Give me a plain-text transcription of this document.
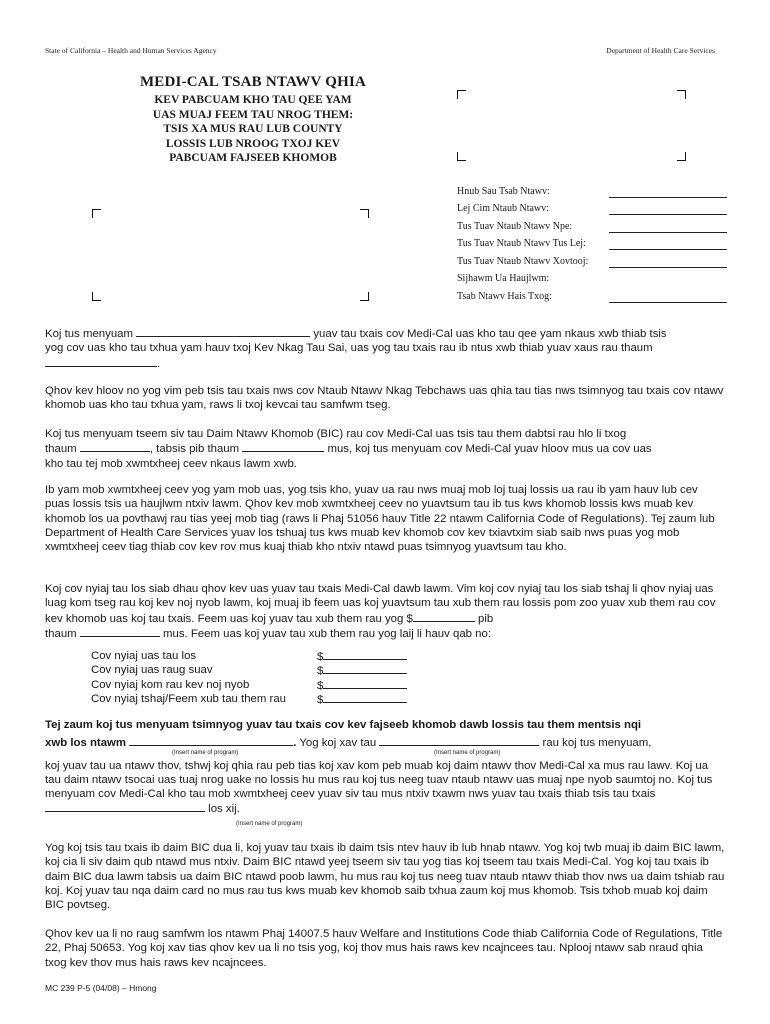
State of California – Health and Human Services Agency	Department of Health Care Services
MEDI-CAL TSAB NTAWV QHIA
KEV PABCUAM KHO TAU QEE YAM
UAS MUAJ FEEM TAU NROG THEM:
TSIS XA MUS RAU LUB COUNTY
LOSSIS LUB NROOG TXOJ KEV
PABCUAM FAJSEEB KHOMOB
Hnub Sau Tsab Ntawv:
Lej Cim Ntaub Ntawv:
Tus Tuav Ntaub Ntawv Npe:
Tus Tuav Ntaub Ntawv Tus Lej:
Tus Tuav Ntaub Ntawv Xovtooj:
Sijhawm Ua Haujlwm:
Tsab Ntawv Hais Txog:

Koj tus menyuam	yuav tau txais cov Medi-Cal uas kho tau qee yam nkaus xwb thiab tsis

yog cov uas kho tau txhua yam hauv txoj Kev Nkag Tau Sai, uas yog tau txais rau ib ntus xwb thiab yuav xaus rau thaum

.

Qhov kev hloov no yog vim peb tsis tau txais nws cov Ntaub Ntawv Nkag Tebchaws uas qhia tau tias nws tsimnyog tau txais cov ntawv khomob uas kho tau txhua yam, raws li txoj kevcai tau samfwm tseg.

Koj tus menyuam tseem siv tau Daim Ntawv Khomob (BIC) rau cov Medi-Cal uas tsis tau them dabtsi rau hlo li txog

thaum	, tabsis pib thaum	mus, koj tus menyuam cov Medi-Cal yuav hloov mus ua cov uas

kho tau tej mob xwmtxheej ceev nkaus lawm xwb.

Ib yam mob xwmtxheej ceev yog yam mob uas, yog tsis kho, yuav ua rau nws muaj mob loj tuaj lossis ua rau ib yam hauv lub cev puas lossis tsis ua haujlwm ntxiv lawm. Qhov kev mob xwmtxheej ceev no yuavtsum tau ib tus kws khomob lossis kws muab kev khomob los ua povthawj rau tias yeej mob tiag (raws li Phaj 51056 hauv Title 22 ntawm California Code of Regulations). Tej zaum lub Department of Health Care Services yuav los tshuaj tus kws muab kev khomob cov kev txiavtxim siab saib nws puas yog mob xwmtxheej ceev tiag thiab cov kev rov mus kuaj thiab kho ntxiv ntawd puas tsimnyog yuavtsum tau kho.

Koj cov nyiaj tau los siab dhau qhov kev uas yuav tau txais Medi-Cal dawb lawm. Vim koj cov nyiaj tau los siab tshaj li qhov nyiaj uas luag kom tseg rau koj kev noj nyob lawm, koj muaj ib feem uas koj yuavtsum tau xub them rau lossis pom zoo yuav xub them rau cov kev khomob uas koj tau txais. Feem uas koj yuav tau xub them rau yog $	pib

thaum	mus. Feem uas koj yuav tau xub them rau yog laij li hauv qab no:

Cov nyiaj uas tau los	$
Cov nyiaj uas raug suav	$
Cov nyiaj kom rau kev noj nyob	$
Cov nyiaj tshaj/Feem xub tau them rau	$

Tej zaum koj tus menyuam tsimnyog yuav tau txais cov kev fajseeb khomob dawb lossis tau them mentsis nqi

xwb los ntawm	. Yog koj xav tau	rau koj tus menyuam,

koj yuav tau ua ntawv thov, tshwj koj qhia rau peb tias koj xav kom peb muab koj daim ntawv thov Medi-Cal xa mus rau lawv. Koj ua tau daim ntawv tsocai uas tuaj nrog uake no lossis hu mus rau koj tus neeg tuav ntaub ntawv uas muaj npe nyob saumtoj no. Koj tus menyuam cov Medi-Cal kho tau mob xwmtxheej ceev yuav siv tau mus ntxiv txawm nws yuav tau txais thiab tsis tau txais  los xij.

(Insert name of program)	(Insert name of program)
(Insert name of program)

Yog koj tsis tau txais ib daim BIC dua li, koj yuav tau txais ib daim tsis ntev hauv ib lub hnab ntawv. Yog koj twb muaj ib daim BIC lawm, koj cia li siv daim qub ntawd mus ntxiv. Daim BIC ntawd yeej tseem siv tau yog tias koj tseem tau txais Medi-Cal. Yog koj tau txais ib daim BIC dua lawm tabsis ua daim BIC ntawd poob lawm, hu mus rau koj tus neeg tuav ntaub ntawv thiab thov nws ua daim tshiab rau koj. Koj yuav tau nqa daim card no mus rau tus kws muab kev khomob saib txhua zaum koj mus khomob. Tsis txhob muab koj daim BIC povtseg.

Qhov kev ua li no raug samfwm los ntawm Phaj 14007.5 hauv Welfare and Institutions Code thiab California Code of Regulations, Title 22, Phaj 50653. Yog koj xav tias qhov kev ua li no tsis yog, koj thov mus hais raws kev ncajncees tau. Nplooj ntawv sab nraud qhia txog kev thov mus hais raws kev ncajncees.

MC 239 P-5 (04/08) – Hmong
